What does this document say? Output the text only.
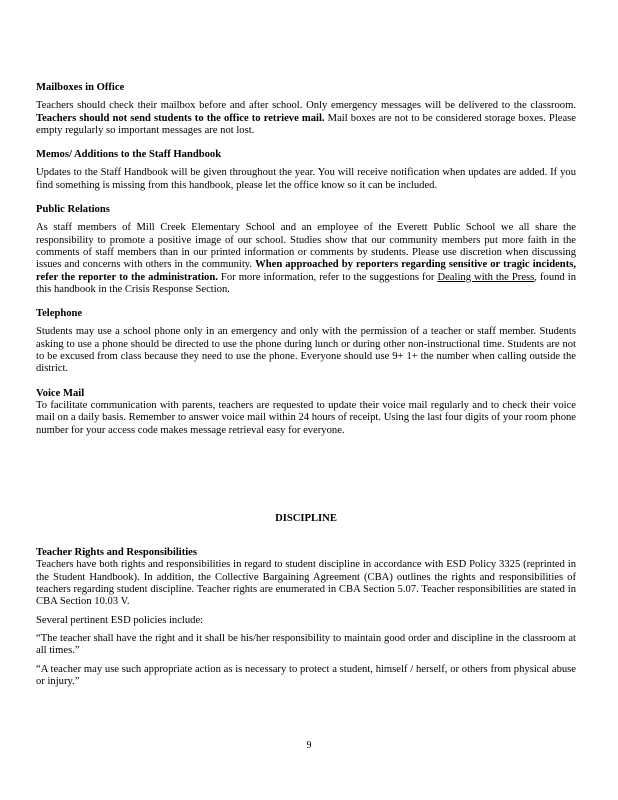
Mailboxes in Office

Teachers should check their mailbox before and after school. Only emergency messages will be delivered to the classroom. Teachers should not send students to the office to retrieve mail. Mail boxes are not to be considered storage boxes. Please empty regularly so important messages are not lost.

Memos/ Additions to the Staff Handbook

Updates to the Staff Handbook will be given throughout the year. You will receive notification when updates are added. If you find something is missing from this handbook, please let the office know so it can be included.

Public Relations

As staff members of Mill Creek Elementary School and an employee of the Everett Public School we all share the responsibility to promote a positive image of our school. Studies show that our community members put more faith in the comments of staff members than in our printed information or comments by students. Please use discretion when discussing issues and concerns with others in the community. When approached by reporters regarding sensitive or tragic incidents, refer the reporter to the administration. For more information, refer to the suggestions for Dealing with the Press, found in this handbook in the Crisis Response Section.

Telephone

Students may use a school phone only in an emergency and only with the permission of a teacher or staff member. Students asking to use a phone should be directed to use the phone during lunch or during other non-instructional time. Students are not to be excused from class because they need to use the phone. Everyone should use 9+ 1+ the number when calling outside the district.

Voice Mail

To facilitate communication with parents, teachers are requested to update their voice mail regularly and to check their voice mail on a daily basis. Remember to answer voice mail within 24 hours of receipt. Using the last four digits of your room phone number for your access code makes message retrieval easy for everyone.

DISCIPLINE

Teacher Rights and Responsibilities

Teachers have both rights and responsibilities in regard to student discipline in accordance with ESD Policy 3325 (reprinted in the Student Handbook). In addition, the Collective Bargaining Agreement (CBA) outlines the rights and responsibilities of teachers regarding student discipline. Teacher rights are enumerated in CBA Section 5.07. Teacher responsibilities are stated in CBA Section 10.03 V.

Several pertinent ESD policies include:

“The teacher shall have the right and it shall be his/her responsibility to maintain good order and discipline in the classroom at all times.”

“A teacher may use such appropriate action as is necessary to protect a student, himself / herself, or others from physical abuse or injury.”

9
